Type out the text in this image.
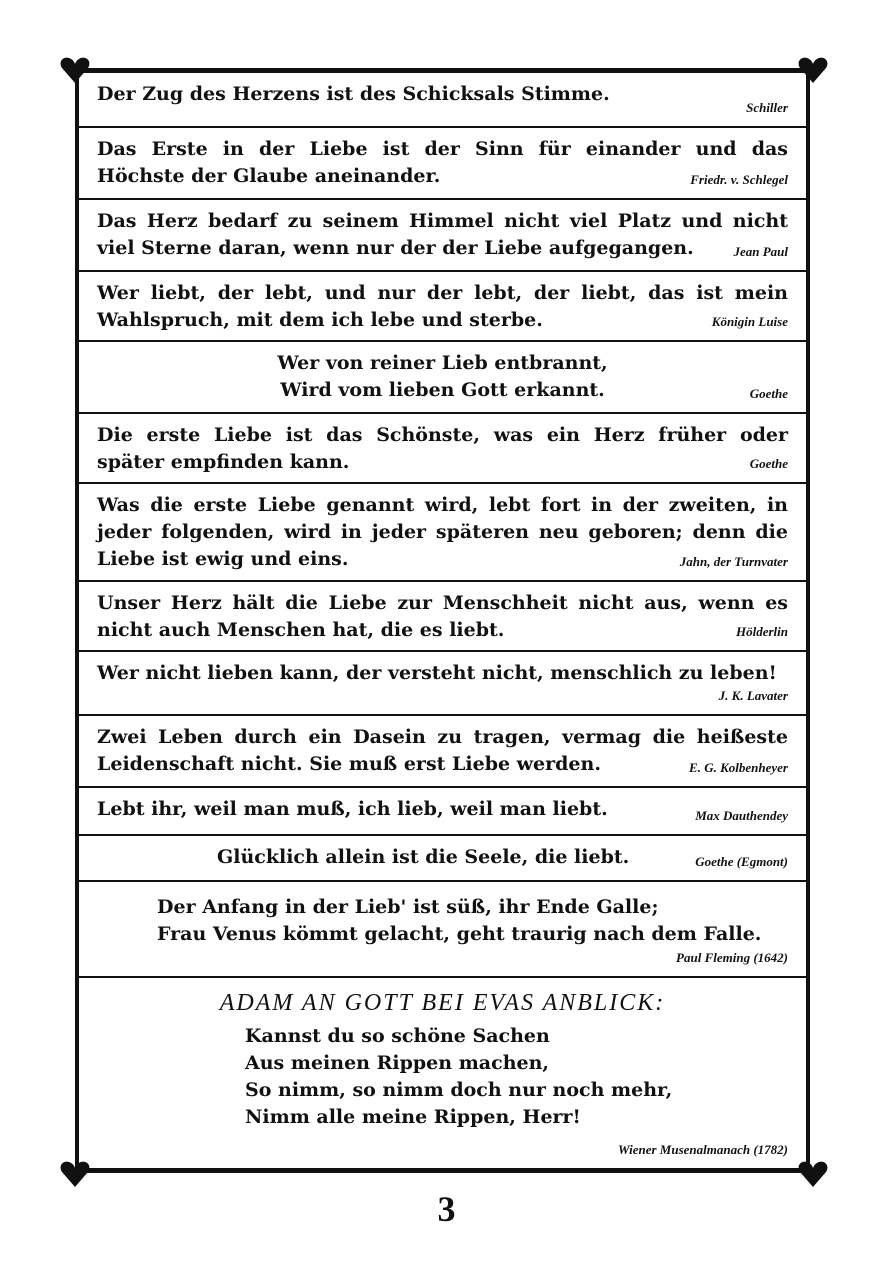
Der Zug des Herzens ist des Schicksals Stimme.

Schiller

Das Erste in der Liebe ist der Sinn für einander und das Höchste der Glaube aneinander.	Friedr. v. Schlegel

Das Herz bedarf zu seinem Himmel nicht viel Platz und nicht viel Sterne daran, wenn nur der der Liebe aufgegangen.	Jean Paul

Wer liebt, der lebt, und nur der lebt, der liebt, das ist mein Wahlspruch, mit dem ich lebe und sterbe.	Königin Luise

Wer von reiner Lieb entbrannt,

Wird vom lieben Gott erkannt.	Goethe

Die erste Liebe ist das Schönste, was ein Herz früher oder später empfinden kann.	Goethe

Was die erste Liebe genannt wird, lebt fort in der zweiten, in jeder folgenden, wird in jeder späteren neu geboren; denn die Liebe ist ewig und eins.	Jahn, der Turnvater

Unser Herz hält die Liebe zur Menschheit nicht aus, wenn es nicht auch Menschen hat, die es liebt.	Hölderlin

Wer nicht lieben kann, der versteht nicht, menschlich zu leben!

J. K. Lavater

Zwei Leben durch ein Dasein zu tragen, vermag die heißeste Leidenschaft nicht. Sie muß erst Liebe werden.	E. G. Kolbenheyer

Lebt ihr, weil man muß, ich lieb, weil man liebt.	Max Dauthendey

Glücklich allein ist die Seele, die liebt.	Goethe (Egmont)

Der Anfang in der Lieb' ist süß, ihr Ende Galle;

Frau Venus kömmt gelacht, geht traurig nach dem Falle.

Paul Fleming (1642)

ADAM AN GOTT BEI EVAS ANBLICK:

Kannst du so schöne Sachen

Aus meinen Rippen machen,

So nimm, so nimm doch nur noch mehr,

Nimm alle meine Rippen, Herr!

Wiener Musenalmanach (1782)

3
